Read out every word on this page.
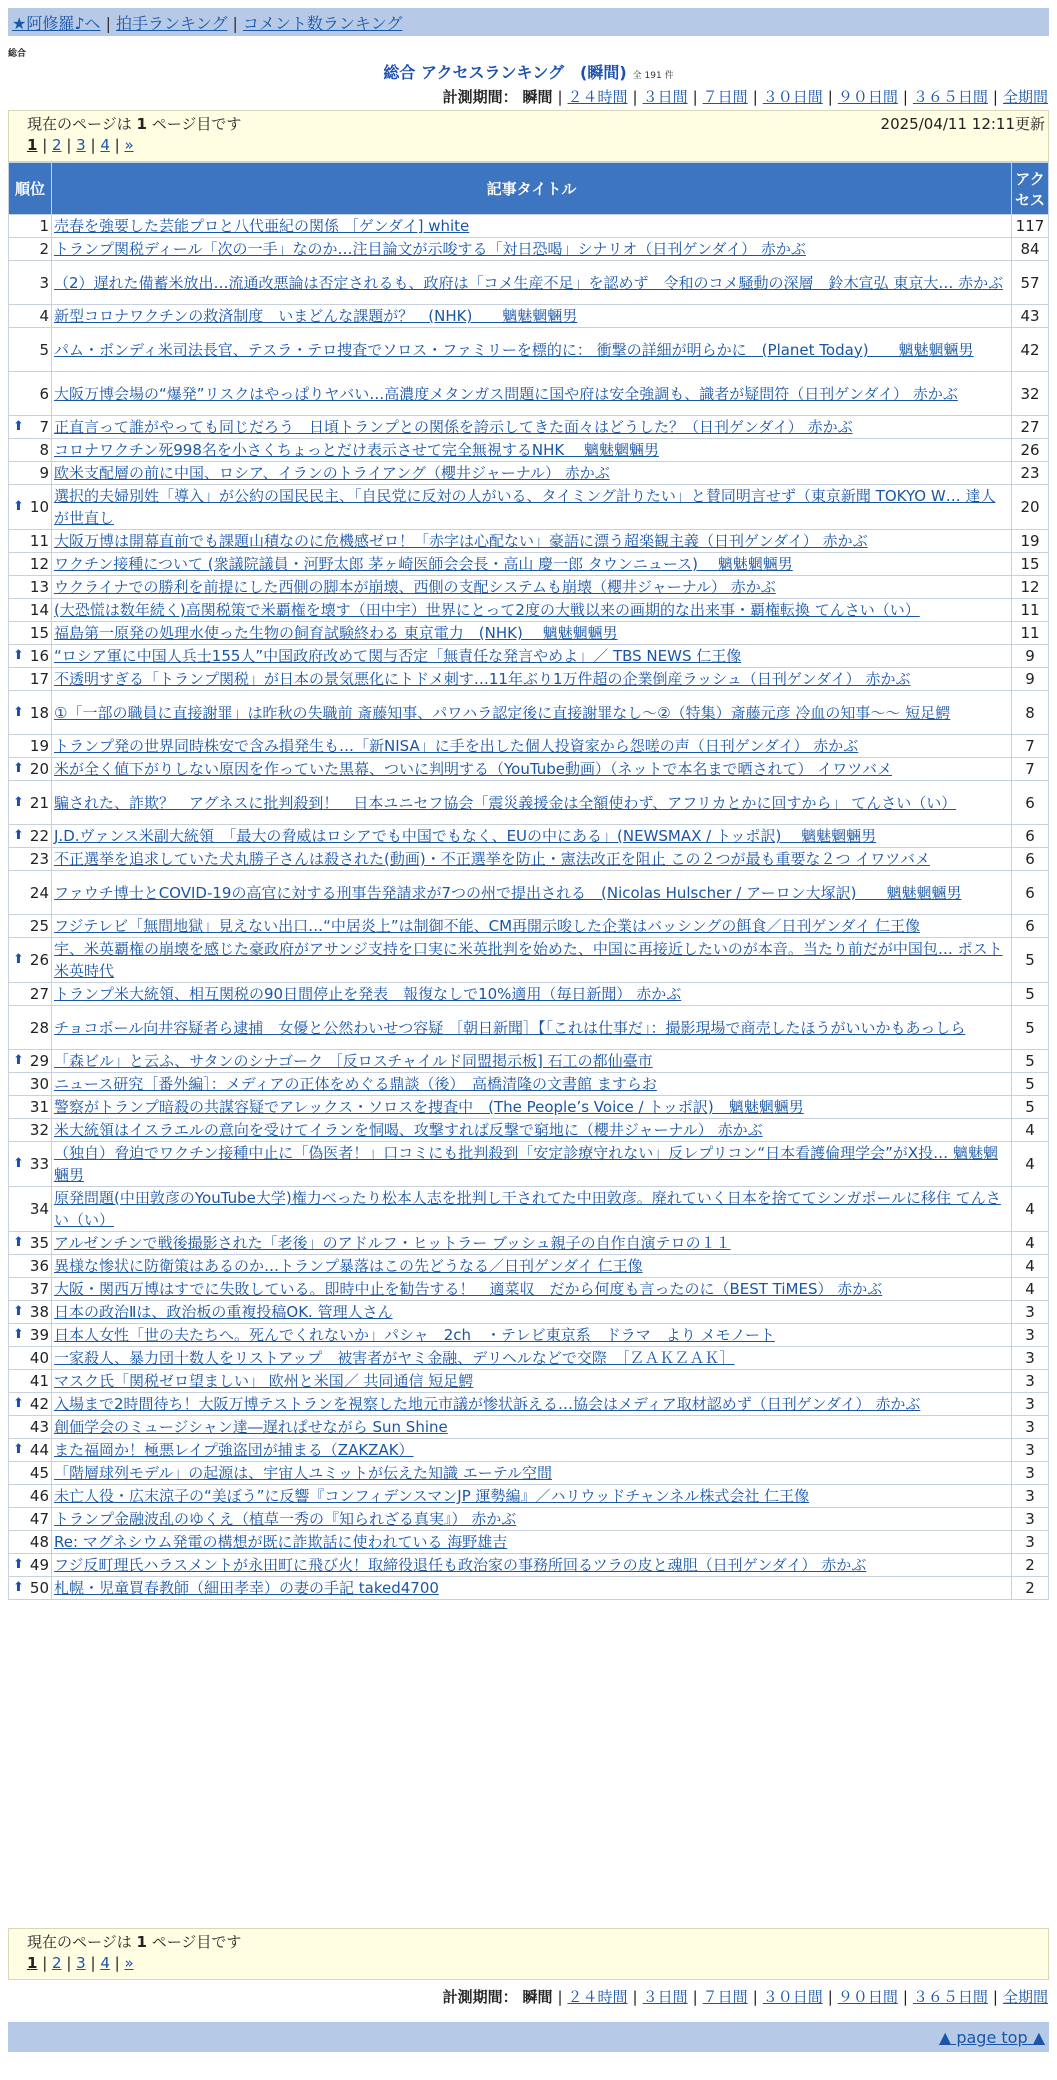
★阿修羅♪ヘ | 拍手ランキング | コメント数ランキング
総合
総合 アクセスランキング　(瞬間) 全 191 件
計測期間： 瞬間 | ２４時間 | ３日間 | ７日間 | ３０日間 | ９０日間 | ３６５日間 | 全期間
現在のページは 1 ページ目です	2025/04/11 12:11更新
1 | 2 | 3 | 4 | »
順位	記事タイトル	アクセス
1	売春を強要した芸能プロと八代亜紀の関係 ［ゲンダイ] white	117
2	トランプ関税ディール「次の一手」なのか…注目論文が示唆する「対日恐喝」シナリオ（日刊ゲンダイ） 赤かぶ	84
3	（2）遅れた備蓄米放出…流通改悪論は否定されるも、政府は「コメ生産不足」を認めず　令和のコメ騒動の深層　鈴木宣弘 東京大… 赤かぶ	57
4	新型コロナワクチンの救済制度　いまどんな課題が？　(NHK)　　魑魅魍魎男	43
5	パム・ボンディ米司法長官、テスラ・テロ捜査でソロス・ファミリーを標的に： 衝撃の詳細が明らかに　(Planet Today)　　魑魅魍魎男	42
6	大阪万博会場の“爆発”リスクはやっぱりヤバい…高濃度メタンガス問題に国や府は安全強調も、識者が疑問符（日刊ゲンダイ） 赤かぶ	32

⬆ 7	正直言って誰がやっても同じだろう　日頃トランプとの関係を誇示してきた面々はどうした？（日刊ゲンダイ） 赤かぶ	27
8	コロナワクチン死998名を小さくちょっとだけ表示させて完全無視するNHK　 魑魅魍魎男	26
9	欧米支配層の前に中国、ロシア、イランのトライアング（櫻井ジャーナル） 赤かぶ	23

⬆ 10	選択的夫婦別姓「導入」が公約の国民民主、「自民党に反対の人がいる、タイミング計りたい」と賛同明言せず（東京新聞 TOKYO W… 達人が世直し	20
11	大阪万博は開幕直前でも課題山積なのに危機感ゼロ！「赤字は心配ない」豪語に漂う超楽観主義（日刊ゲンダイ） 赤かぶ	19
12	ワクチン接種について (衆議院議員・河野太郎 茅ヶ崎医師会会長・高山 慶一郎 タウンニュース)　 魑魅魍魎男	15
13	ウクライナでの勝利を前提にした西側の脚本が崩壊、西側の支配システムも崩壊（櫻井ジャーナル） 赤かぶ	12
14	(大恐慌は数年続く)高関税策で米覇権を壊す（田中宇）世界にとって2度の大戦以来の画期的な出来事・覇権転換 てんさい（い）	11
15	福島第一原発の処理水使った生物の飼育試験終わる 東京電力　(NHK)　 魑魅魍魎男	11

⬆ 16	“ロシア軍に中国人兵士155人”中国政府改めて関与否定「無責任な発言やめよ」／ TBS NEWS 仁王像	9
17	不透明すぎる「トランプ関税」が日本の景気悪化にトドメ刺す…11年ぶり1万件超の企業倒産ラッシュ（日刊ゲンダイ） 赤かぶ	9

⬆ 18	①「一部の職員に直接謝罪」は昨秋の失職前 斎藤知事、パワハラ認定後に直接謝罪なし～②（特集）斎藤元彦 冷血の知事～～ 短足鰐	8
19	トランプ発の世界同時株安で含み損発生も…「新NISA」に手を出した個人投資家から怨嗟の声（日刊ゲンダイ） 赤かぶ	7

⬆ 20	米が全く値下がりしない原因を作っていた黒幕、ついに判明する（YouTube動画）（ネットで本名まで晒されて） イワツバメ	7

⬆ 21	騙された、詐欺？　アグネスに批判殺到！　日本ユニセフ協会「震災義援金は全額使わず、アフリカとかに回すから」 てんさい（い）	6

⬆ 22	J.D.ヴァンス米副大統領　「最大の脅威はロシアでも中国でもなく、EUの中にある」(NEWSMAX / トッポ訳)　 魑魅魍魎男	6
23	不正選挙を追求していた犬丸勝子さんは殺された(動画)・不正選挙を防止・憲法改正を阻止 この２つが最も重要な２つ イワツバメ	6
24	ファウチ博士とCOVID-19の高官に対する刑事告発請求が7つの州で提出される　(Nicolas Hulscher / アーロン大塚訳)　　魑魅魍魎男	6
25	フジテレビ「無間地獄」見えない出口…“中居炎上”は制御不能、CM再開示唆した企業はバッシングの餌食／日刊ゲンダイ 仁王像	6

⬆ 26	宇、米英覇権の崩壊を感じた豪政府がアサンジ支持を口実に米英批判を始めた、中国に再接近したいのが本音。当たり前だが中国包… ポスト米英時代	5
27	トランプ米大統領、相互関税の90日間停止を発表　報復なしで10%適用（毎日新聞） 赤かぶ	5
28	チョコボール向井容疑者ら逮捕　女優と公然わいせつ容疑 ［朝日新聞］【「これは仕事だ」：撮影現場で商売したほうがいいかもあっしら	5

⬆ 29	「森ビル」と云ふ、サタンのシナゴーク ［反ロスチャイルド同盟掲示板] 石工の都仙臺市	5
30	ニュース研究［番外編］：メディアの正体をめぐる鼎談（後）　高橋清隆の文書館 ますらお	5
31	警察がトランプ暗殺の共謀容疑でアレックス・ソロスを捜査中　(The People’s Voice / トッポ訳)　魑魅魍魎男	5
32	米大統領はイスラエルの意向を受けてイランを恫喝、攻撃すれば反撃で窮地に（櫻井ジャーナル） 赤かぶ	4

⬆ 33	（独自）脅迫でワクチン接種中止に「偽医者！」口コミにも批判殺到「安定診療守れない」反レプリコン“日本看護倫理学会”がX投… 魑魅魍魎男	4
34	原発問題(中田敦彦のYouTube大学)権力べったり松本人志を批判し干されてた中田敦彦。廃れていく日本を捨ててシンガポールに移住 てんさい（い）	4

⬆ 35	アルゼンチンで戦後撮影された「老後」のアドルフ・ヒットラー ブッシュ親子の自作自演テロの１１	4
36	異様な惨状に防衛策はあるのか…トランプ暴落はこの先どうなる／日刊ゲンダイ 仁王像	4
37	大阪・関西万博はすでに失敗している。即時中止を勧告する！　適菜収　だから何度も言ったのに（BEST TiMES） 赤かぶ	4

⬆ 38	日本の政治Ⅱは、政治板の重複投稿OK. 管理人さん	3

⬆ 39	日本人女性「世の夫たちへ。死んでくれないか」パシャ　2ch　・テレビ東京系　ドラマ　より メモノート	3
40	一家殺人、暴力団十数人をリストアップ　被害者がヤミ金融、デリヘルなどで交際　［ＺＡＫＺＡＫ］	3
41	マスク氏「関税ゼロ望ましい」 欧州と米国／ 共同通信 短足鰐	3

⬆ 42	入場まで2時間待ち！大阪万博テストランを視察した地元市議が惨状訴える…協会はメディア取材認めず（日刊ゲンダイ） 赤かぶ	3
43	創価学会のミュージシャン達―遅れぱせながら Sun Shine	3

⬆ 44	また福岡か！極悪レイプ強盗団が捕まる（ZAKZAK）	3
45	「階層球列モデル」の起源は、宇宙人ユミットが伝えた知識 エーテル空間	3
46	未亡人役・広末涼子の“美ぼう”に反響『コンフィデンスマンJP 運勢編』／ハリウッドチャンネル株式会社 仁王像	3
47	トランプ金融波乱のゆくえ（植草一秀の『知られざる真実』） 赤かぶ	3
48	Re: マグネシウム発電の構想が既に詐欺話に使われている 海野雄吉	3

⬆ 49	フジ反町理氏ハラスメントが永田町に飛び火！取締役退任も政治家の事務所回るツラの皮と魂胆（日刊ゲンダイ） 赤かぶ	2

⬆ 50	札幌・児童買春教師（細田孝幸）の妻の手記 taked4700	2
現在のページは 1 ページ目です
1 | 2 | 3 | 4 | »
計測期間： 瞬間 | ２４時間 | ３日間 | ７日間 | ３０日間 | ９０日間 | ３６５日間 | 全期間
▲ page top ▲
